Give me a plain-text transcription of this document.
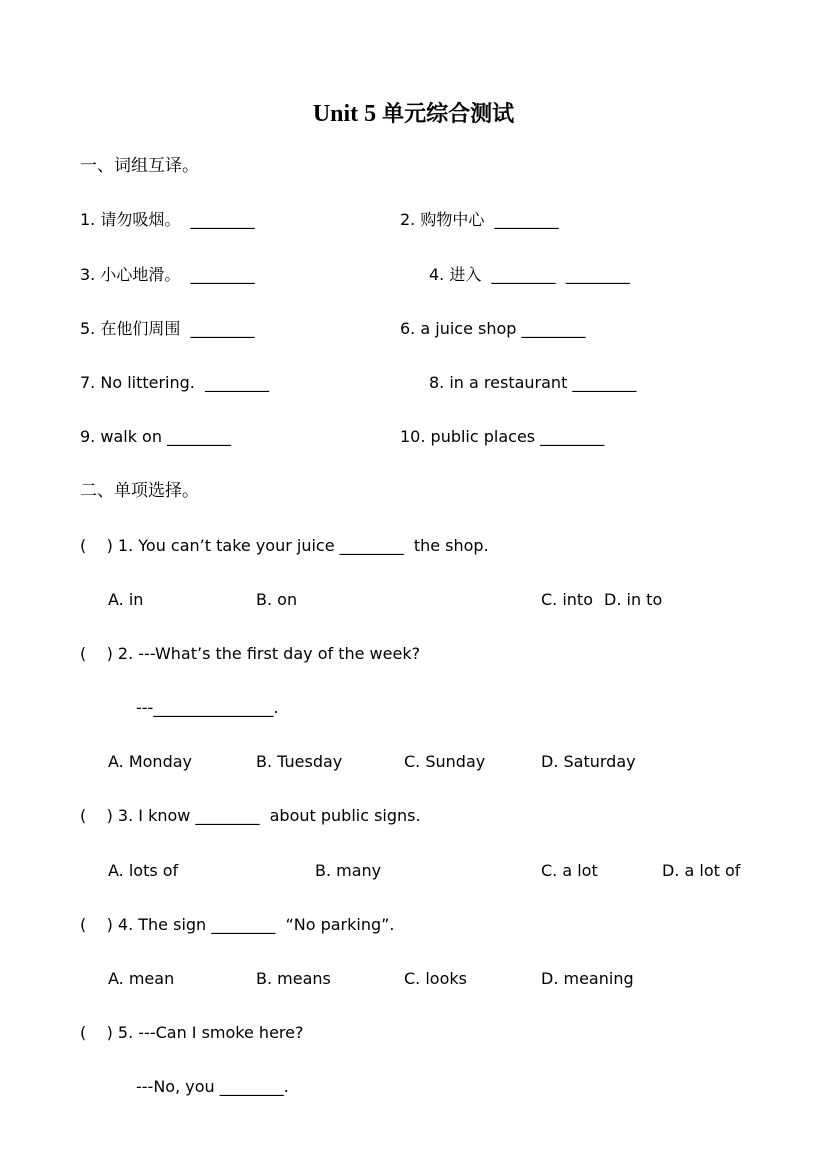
Unit 5 单元综合测试
一、词组互译。
1. 请勿吸烟。  ________	2. 购物中心  ________
3. 小心地滑。  ________	4. 进入  ________  ________
5. 在他们周围  ________	6. a juice shop ________
7. No littering.  ________	8. in a restaurant ________
9. walk on ________	10. public places ________
二、单项选择。
(    ) 1. You can’t take your juice ________  the shop.
A. in	B. on	C. into D. in to
(    ) 2. ---What’s the first day of the week?
---_______________.
A. Monday	B. Tuesday	C. Sunday	D. Saturday
(    ) 3. I know ________  about public signs.
A. lots of	B. many	C. a lot	D. a lot of
(    ) 4. The sign ________  “No parking”.
A. mean	B. means	C. looks	D. meaning
(    ) 5. ---Can I smoke here?
---No, you ________.
